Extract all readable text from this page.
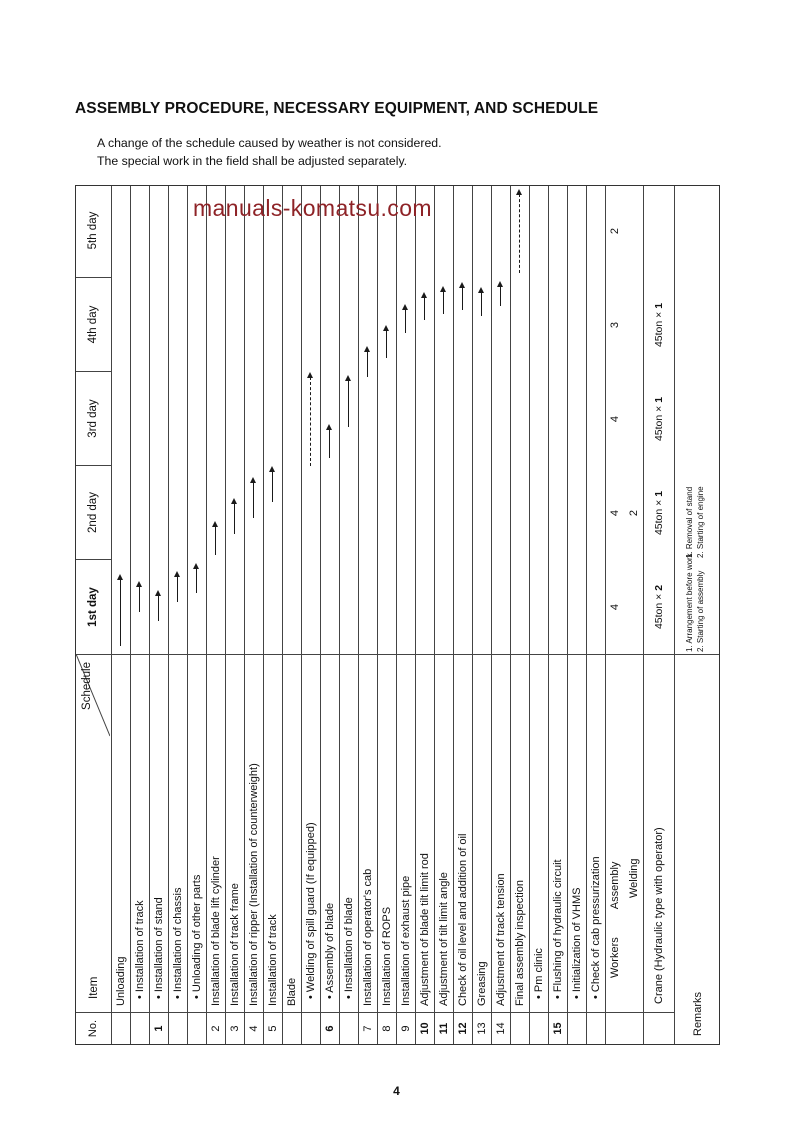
ASSEMBLY PROCEDURE, NECESSARY EQUIPMENT, AND SCHEDULE
A change of the schedule caused by weather is not considered.
The special work in the field shall be adjusted separately.
No.
Item
Schedule
1st day
2nd day
3rd day
4th day
5th day
Unloading • Installation of track
1
• Installation of stand • Installation of chassis • Unloading of other parts
2
Installation of blade lift cylinder
3
Installation of track frame
4
Installation of ripper (Installation of counterweight)
5
Installation of track Blade • Welding of spill guard (If equipped)
6
• Assembly of blade • Installation of blade
7
Installation of operator's cab
8
Installation of ROPS
9
Installation of exhaust pipe
10
Adjustment of blade tilt limit rod
11
Adjustment of tilt limit angle
12
Check of oil level and addition of oil
13
Greasing
14
Adjustment of track tension Final assembly inspection • Pm clinic
15
• Flushing of hydraulic circuit • Initialization of VHMS • Check of cab pressurization WorkersAssembly Welding
4
4 2
4
3
2
Crane (Hydraulic type with operator)
45ton × 2
45ton × 1
45ton × 1
45ton × 1
Remarks
1. Arrangement before work 2. Starting of assembly
1. Removal of stand 2. Starting of engine
manuals-komatsu.com
4
